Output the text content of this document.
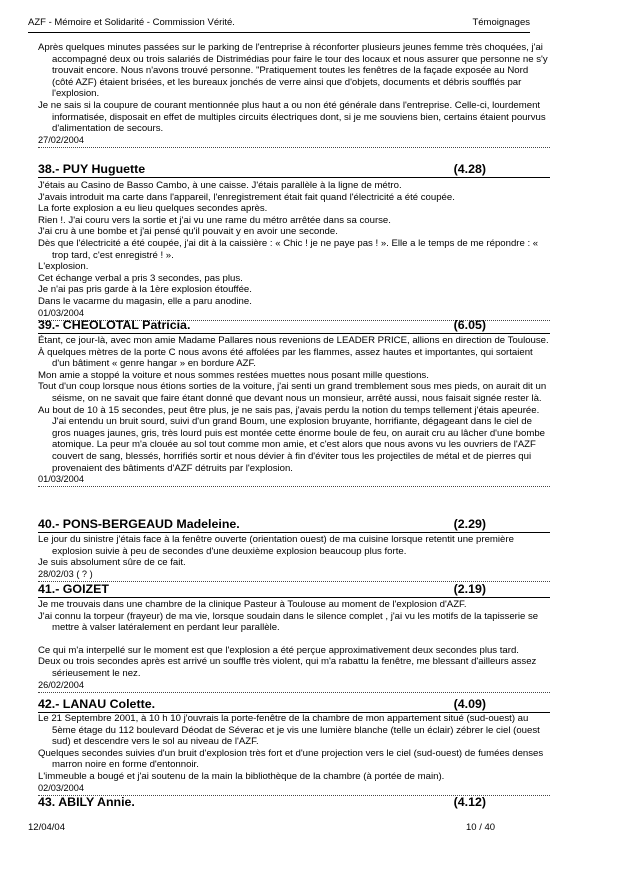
AZF - Mémoire et Solidarité - Commission Vérité.	Témoignages

Après quelques minutes passées sur le parking de l'entreprise à réconforter plusieurs jeunes femme très choquées, j'ai accompagné deux ou trois salariés de Distrimédias pour faire le tour des locaux et nous assurer que personne ne s'y trouvait encore. Nous n'avons trouvé personne. "Pratiquement toutes les fenêtres de la façade exposée au Nord (côté AZF) étaient brisées, et les bureaux jonchés de verre ainsi que d'objets, documents et débris soufflés par l'explosion.

Je ne sais si la coupure de courant mentionnée plus haut a ou non été générale dans l'entreprise. Celle-ci, lourdement informatisée, disposait en effet de multiples circuits électriques dont, si je me souviens bien, certains étaient pourvus d'alimentation de secours.

27/02/2004

38.- PUY Huguette	(4.28)

J'étais au Casino de Basso Cambo, à une caisse. J'étais parallèle à la ligne de métro.

J'avais introduit ma carte dans l'appareil, l'enregistrement était fait quand l'électricité a été coupée.

La forte explosion a eu lieu quelques secondes après.

Rien !. J'ai couru vers la sortie et j'ai vu une rame du métro arrêtée dans sa course.

J'ai cru à une bombe et j'ai pensé qu'il pouvait y en avoir une seconde.

Dès que l'électricité a été coupée, j'ai dit à la caissière : « Chic ! je ne paye pas ! ». Elle a le temps de me répondre : « trop tard, c'est enregistré ! ».

L'explosion.

Cet échange verbal a pris 3 secondes, pas plus.

Je n'ai pas pris garde à la 1ère explosion étouffée.

Dans le vacarme du magasin, elle a paru anodine.

01/03/2004

39.- CHEOLOTAL Patricia.	(6.05)

Étant, ce jour-là, avec mon amie Madame Pallares nous revenions de LEADER PRICE, allions en direction de Toulouse.

À quelques mètres de la porte C nous avons été affolées par les flammes, assez hautes et importantes, qui sortaient d'un bâtiment « genre hangar » en bordure AZF.

Mon amie a stoppé la voiture et nous sommes restées muettes nous posant mille questions.

Tout d'un coup lorsque nous étions sorties de la voiture, j'ai senti un grand tremblement sous mes pieds, on aurait dit un séisme, on ne savait que faire étant donné que devant nous un monsieur, arrêté aussi, nous faisait signée rester là.

Au bout de 10 à 15 secondes, peut être plus, je ne sais pas, j'avais perdu la notion du temps tellement j'étais apeurée. J'ai entendu un bruit sourd, suivi d'un grand Boum, une explosion bruyante, horrifiante, dégageant dans le ciel de gros nuages jaunes, gris, très lourd puis est montée cette énorme boule de feu, on aurait cru au lâcher d'une bombe atomique. La peur m'a clouée au sol tout comme mon amie, et c'est alors que nous avons vu les ouvriers de l'AZF couvert de sang, blessés, horrifiés sortir et nous dévier à fin d'éviter tous les projectiles de métal et de pierres qui provenaient des bâtiments d'AZF détruits par l'explosion.

01/03/2004

40.- PONS-BERGEAUD Madeleine.	(2.29)

Le jour du sinistre j'étais face à la fenêtre ouverte (orientation ouest) de ma cuisine lorsque retentit une première explosion suivie à peu de secondes d'une deuxième explosion beaucoup plus forte.

Je suis absolument sûre de ce fait.

28/02/03 ( ? )

41.- GOIZET	(2.19)

Je me trouvais dans une chambre de la clinique Pasteur à Toulouse au moment de l'explosion d'AZF.

J'ai connu la torpeur (frayeur) de ma vie, lorsque soudain dans le silence complet , j'ai vu les motifs de la tapisserie se mettre à valser latéralement en perdant leur parallèle.

Ce qui m'a interpellé sur le moment est que l'explosion a été perçue approximativement deux secondes plus tard.

Deux ou trois secondes après est arrivé un souffle très violent, qui m'a rabattu la fenêtre, me blessant d'ailleurs assez sérieusement le nez.

26/02/2004

42.- LANAU Colette.	(4.09)

Le 21 Septembre 2001, à 10 h 10 j'ouvrais la porte-fenêtre de la chambre de mon appartement situé (sud-ouest) au 5ème étage du 112 boulevard Déodat de Séverac et je vis une lumière blanche (telle un éclair) zébrer le ciel (ouest sud) et descendre vers le sol au niveau de l'AZF.

Quelques secondes suivies d'un bruit d'explosion très fort et d'une projection vers le ciel (sud-ouest) de fumées denses marron noire en forme d'entonnoir.

L'immeuble a bougé et j'ai soutenu de la main la bibliothèque de la chambre (à portée de main).

02/03/2004

43. ABILY Annie.	(4.12)
12/04/04	10 / 40
